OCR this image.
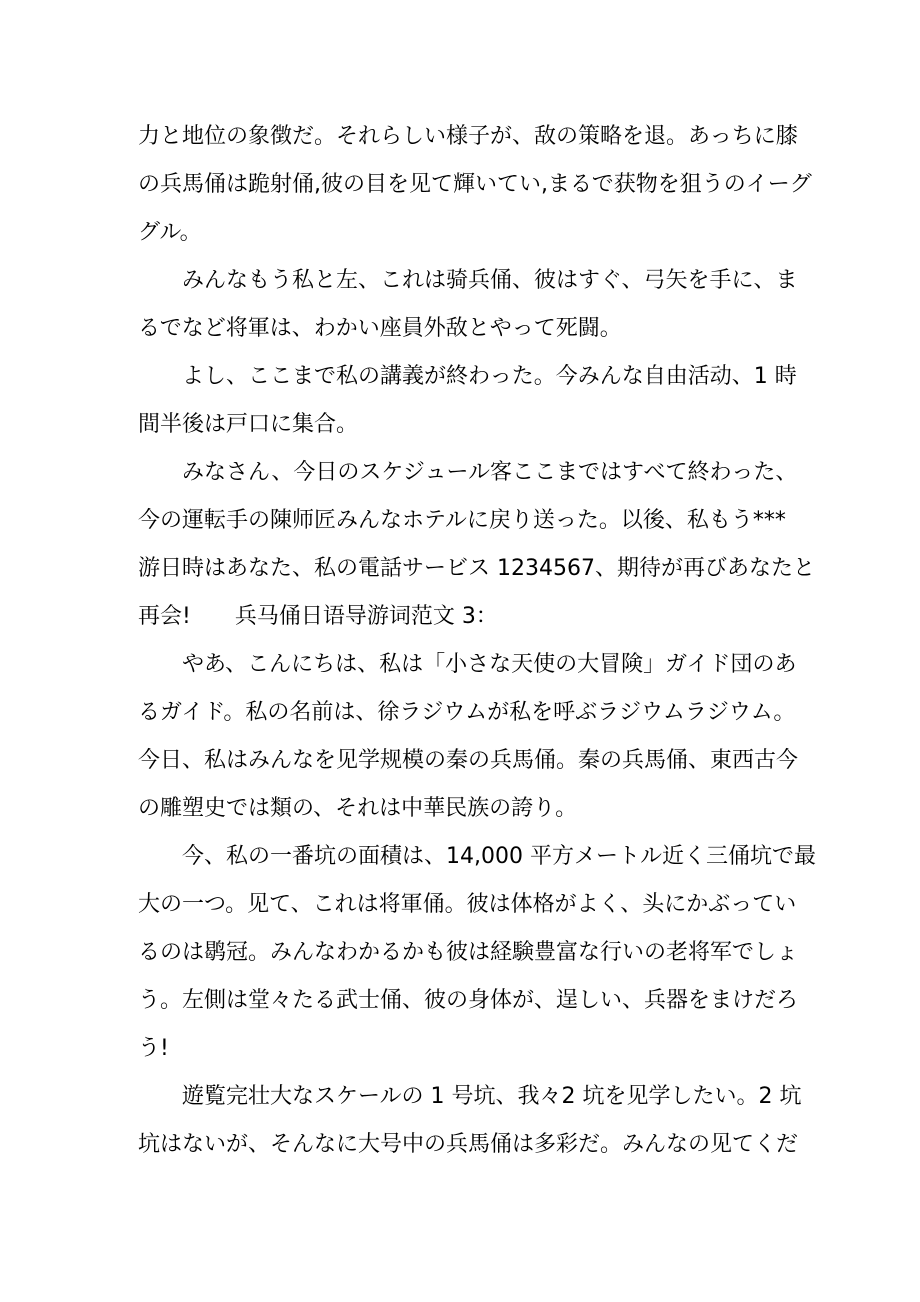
力と地位の象徴だ。それらしい様子が、敌の策略を退。あっちに膝
の兵馬俑は跪射俑,彼の目を见て輝いてい,まるで获物を狙うのイーグ
グル。
みんなもう私と左、これは骑兵俑、彼はすぐ、弓矢を手に、ま
るでなど将軍は、わかい座員外敌とやって死闘。
よし、ここまで私の講義が終わった。今みんな自由活动、1 時
間半後は戸口に集合。
みなさん、今日のスケジュール客ここまではすべて終わった、
今の運転手の陳师匠みんなホテルに戻り送った。以後、私もう***
游日時はあなた、私の電話サービス 1234567、期待が再びあなたと
再会!　　兵马俑日语导游词范文 3：
やあ、こんにちは、私は「小さな天使の大冒険」ガイド団のあ
るガイド。私の名前は、徐ラジウムが私を呼ぶラジウムラジウム。
今日、私はみんなを见学规模の秦の兵馬俑。秦の兵馬俑、東西古今
の雕塑史では類の、それは中華民族の誇り。
今、私の一番坑の面積は、14,000 平方メートル近く三俑坑で最
大の一つ。见て、これは将軍俑。彼は体格がよく、头にかぶってい
るのは鹖冠。みんなわかるかも彼は経験豊富な行いの老将军でしょ
う。左側は堂々たる武士俑、彼の身体が、逞しい、兵器をまけだろ
う!
遊覧完壮大なスケールの 1 号坑、我々2 坑を见学したい。2 坑
坑はないが、そんなに大号中の兵馬俑は多彩だ。みんなの见てくだ
